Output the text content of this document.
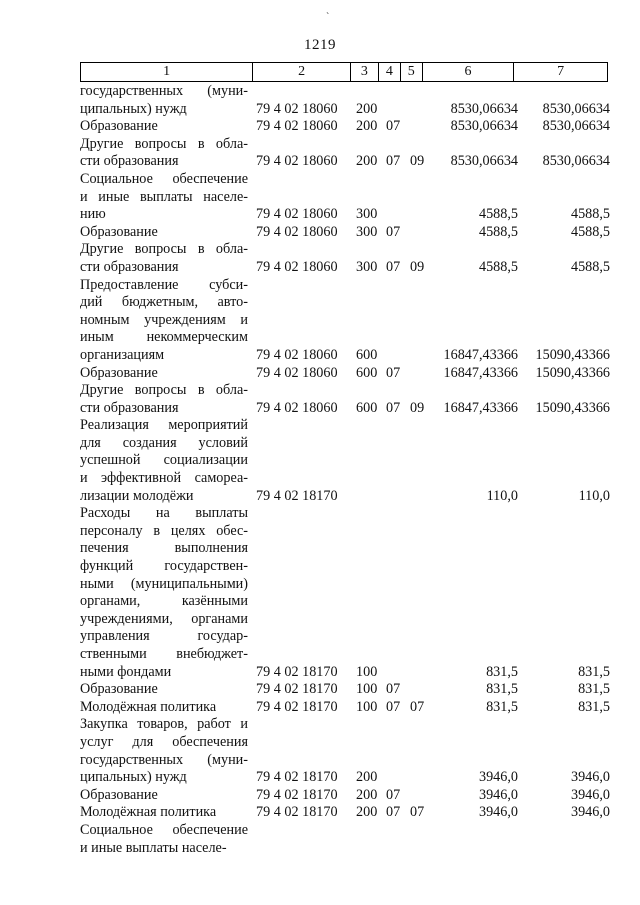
`
1219
1	2	3	4	5	6	7
государственных (муни-
ципальных) нужд	79 4 02 18060	200	8530,06634	8530,06634
Образование	79 4 02 18060	200 07	8530,06634	8530,06634
Другие вопросы в обла-
сти образования	79 4 02 18060	200 07 09	8530,06634	8530,06634
Социальное обеспечение
и иные выплаты населе-
нию	79 4 02 18060	300	4588,5	4588,5
Образование	79 4 02 18060	300 07	4588,5	4588,5
Другие вопросы в обла-
сти образования	79 4 02 18060	300 07 09	4588,5	4588,5
Предоставление субси-
дий бюджетным, авто-
номным учреждениям и
иным некоммерческим
организациям	79 4 02 18060	600	16847,43366	15090,43366
Образование	79 4 02 18060	600 07	16847,43366	15090,43366
Другие вопросы в обла-
сти образования	79 4 02 18060	600 07 09	16847,43366	15090,43366
Реализация мероприятий
для создания условий
успешной социализации
и эффективной самореа-
лизации молодёжи	79 4 02 18170	110,0	110,0
Расходы на выплаты
персоналу в целях обес-
печения выполнения
функций государствен-
ными (муниципальными)
органами, казёнными
учреждениями, органами
управления государ-
ственными внебюджет-
ными фондами	79 4 02 18170	100	831,5	831,5
Образование	79 4 02 18170	100 07	831,5	831,5
Молодёжная политика	79 4 02 18170	100 07 07	831,5	831,5
Закупка товаров, работ и
услуг для обеспечения
государственных (муни-
ципальных) нужд	79 4 02 18170	200	3946,0	3946,0
Образование	79 4 02 18170	200 07	3946,0	3946,0
Молодёжная политика	79 4 02 18170	200 07 07	3946,0	3946,0
Социальное обеспечение
и иные выплаты населе-
